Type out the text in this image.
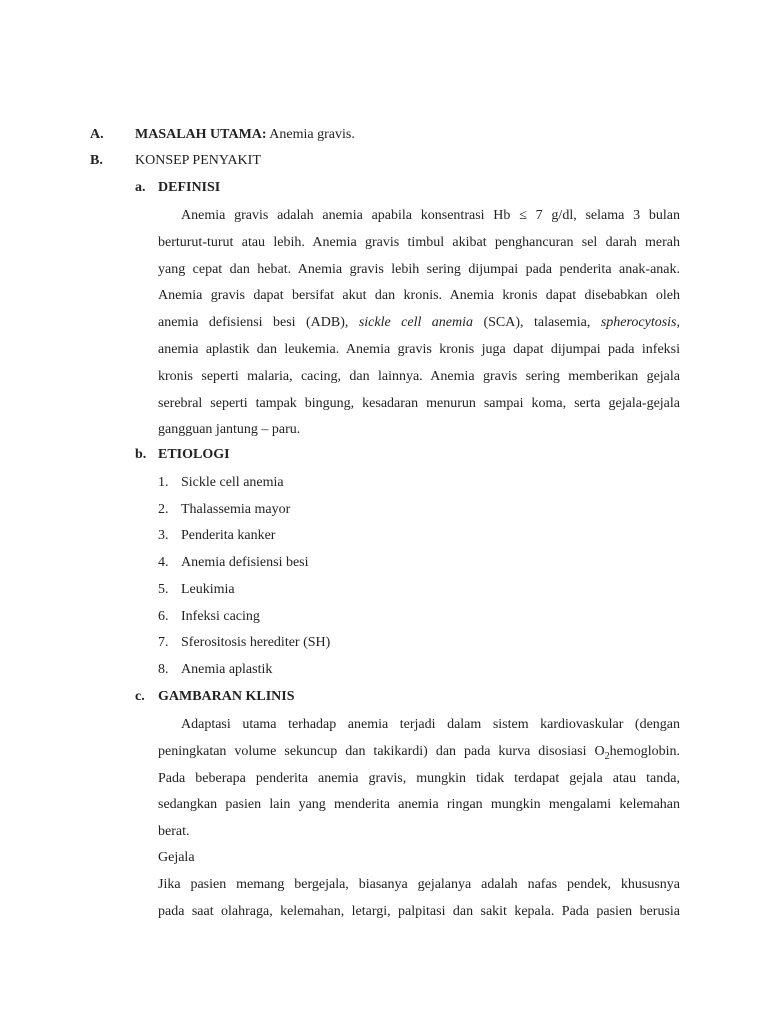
A. MASALAH UTAMA: Anemia gravis.
B. KONSEP PENYAKIT
a. DEFINISI
Anemia gravis adalah anemia apabila konsentrasi Hb ≤ 7 g/dl, selama 3 bulan
berturut-turut atau lebih. Anemia gravis timbul akibat penghancuran sel darah merah
yang cepat dan hebat. Anemia gravis lebih sering dijumpai pada penderita anak-anak.
Anemia gravis dapat bersifat akut dan kronis. Anemia kronis dapat disebabkan oleh
anemia defisiensi besi (ADB), sickle cell anemia (SCA), talasemia, spherocytosis,
anemia aplastik dan leukemia. Anemia gravis kronis juga dapat dijumpai pada infeksi
kronis seperti malaria, cacing, dan lainnya. Anemia gravis sering memberikan gejala
serebral seperti tampak bingung, kesadaran menurun sampai koma, serta gejala-gejala
gangguan jantung – paru.
b. ETIOLOGI
1. Sickle cell anemia
2. Thalassemia mayor
3. Penderita kanker
4. Anemia defisiensi besi
5. Leukimia
6. Infeksi cacing
7. Sferositosis herediter (SH)
8. Anemia aplastik
c. GAMBARAN KLINIS
Adaptasi utama terhadap anemia terjadi dalam sistem kardiovaskular (dengan
peningkatan volume sekuncup dan takikardi) dan pada kurva disosiasi $O_2hemoglobin$.
Pada beberapa penderita anemia gravis, mungkin tidak terdapat gejala atau tanda,
sedangkan pasien lain yang menderita anemia ringan mungkin mengalami kelemahan
berat.
Gejala
Jika pasien memang bergejala, biasanya gejalanya adalah nafas pendek, khususnya
pada saat olahraga, kelemahan, letargi, palpitasi dan sakit kepala. Pada pasien berusia
